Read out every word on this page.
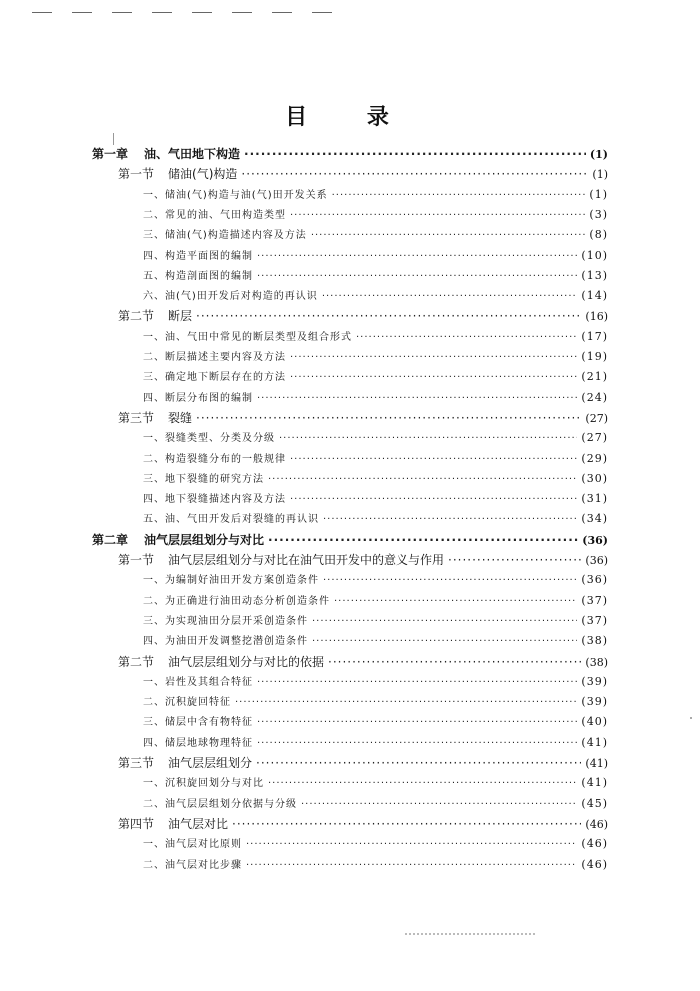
目 录
第一章 油、气田地下构造 ·····	(1)
第一节 储油(气)构造 ·····	(1)
一、储油(气)构造与油(气)田开发关系 ·····	(1)
二、常见的油、气田构造类型 ·····	(3)
三、储油(气)构造描述内容及方法 ·····	(8)
四、构造平面图的编制 ·····	(10)
五、构造剖面图的编制 ·····	(13)
六、油(气)田开发后对构造的再认识 ·····	(14)
第二节 断层 ·····	(16)
一、油、气田中常见的断层类型及组合形式 ·····	(17)
二、断层描述主要内容及方法 ·····	(19)
三、确定地下断层存在的方法 ·····	(21)
四、断层分布图的编制 ·····	(24)
第三节 裂缝 ·····	(27)
一、裂缝类型、分类及分级 ·····	(27)
二、构造裂缝分布的一般规律 ·····	(29)
三、地下裂缝的研究方法 ·····	(30)
四、地下裂缝描述内容及方法 ·····	(31)
五、油、气田开发后对裂缝的再认识 ·····	(34)
第二章 油气层层组划分与对比 ·····	(36)
第一节 油气层层组划分与对比在油气田开发中的意义与作用 ·····	(36)
一、为编制好油田开发方案创造条件 ·····	(36)
二、为正确进行油田动态分析创造条件 ·····	(37)
三、为实现油田分层开采创造条件 ·····	(37)
四、为油田开发调整挖潜创造条件 ·····	(38)
第二节 油气层层组划分与对比的依据 ·····	(38)
一、岩性及其组合特征 ·····	(39)
二、沉积旋回特征 ·····	(39)
三、储层中含有物特征 ·····	(40)
四、储层地球物理特征 ·····	(41)
第三节 油气层层组划分 ·····	(41)
一、沉积旋回划分与对比 ·····	(41)
二、油气层层组划分依据与分级 ·····	(45)
第四节 油气层对比 ·····	(46)
一、油气层对比原则 ·····	(46)
二、油气层对比步骤 ·····	(46)
